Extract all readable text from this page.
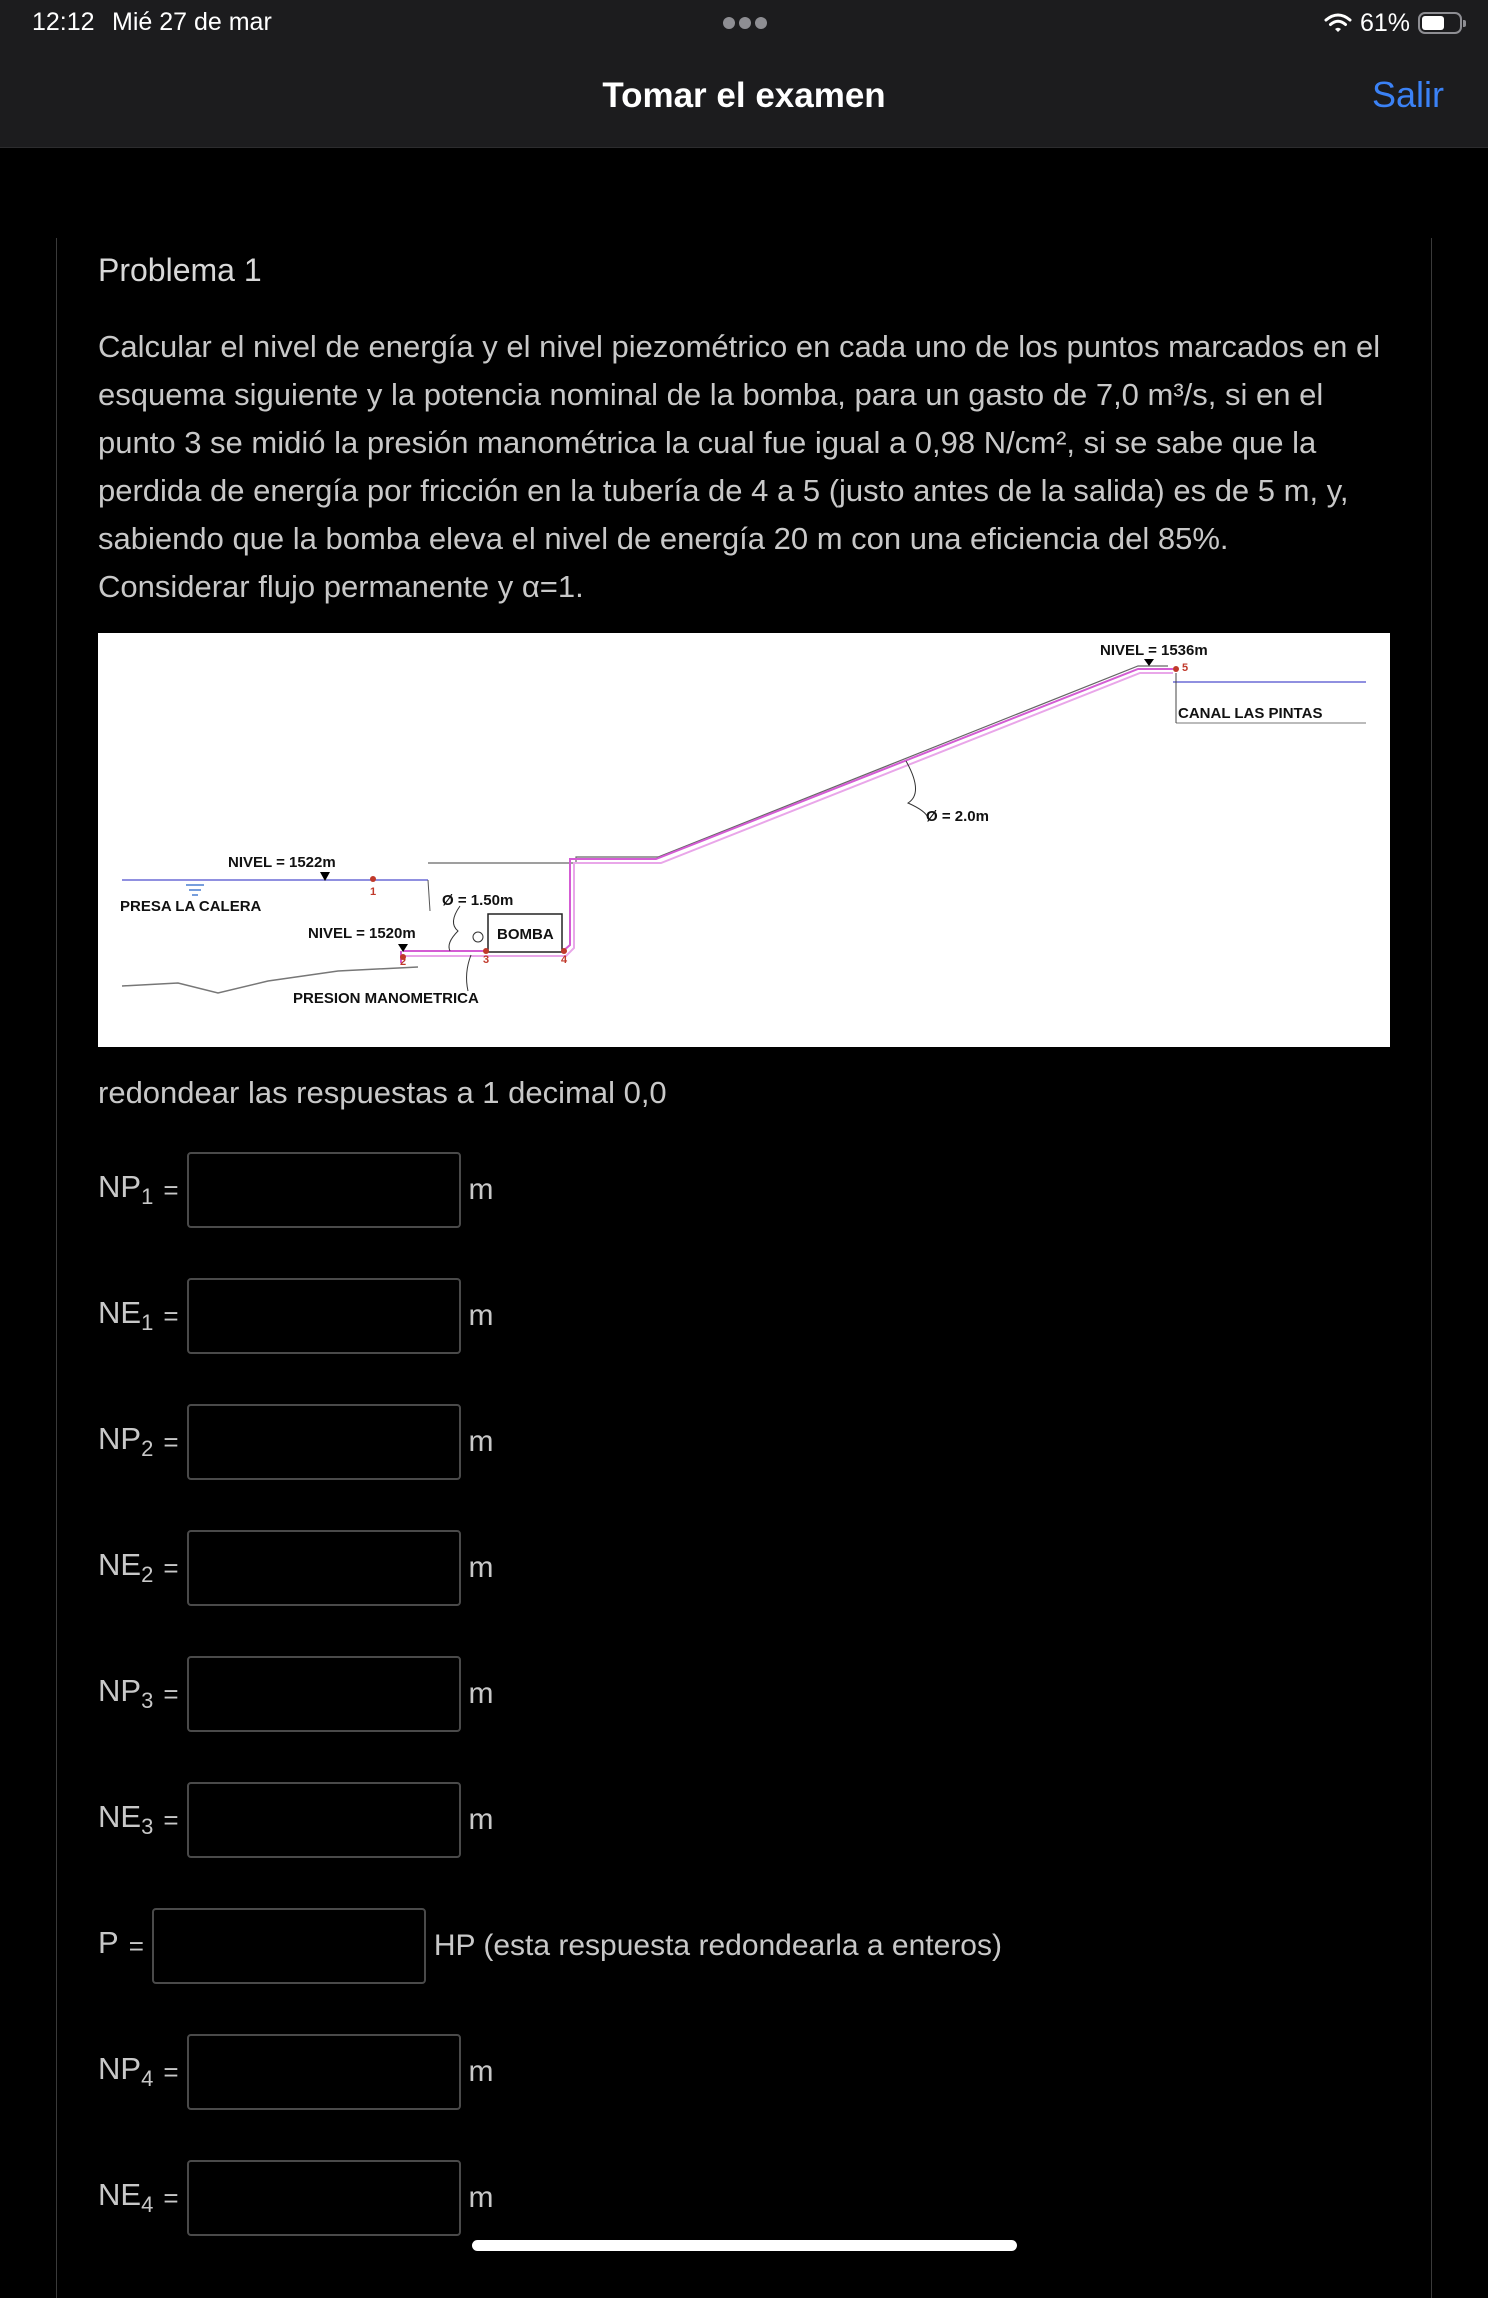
12:12 Mié 27 de mar	61%
Tomar el examen	Salir
Problema 1
Calcular el nivel de energía y el nivel piezométrico en cada uno de los puntos marcados en el esquema siguiente y la potencia nominal de la bomba, para un gasto de 7,0 m³/s, si en el punto 3 se midió la presión manométrica la cual fue igual a 0,98 N/cm², si se sabe que la perdida de energía por fricción en la tubería de 4 a 5 (justo antes de la salida) es de 5 m, y, sabiendo que la bomba eleva el nivel de energía 20 m con una eficiencia del 85%. Considerar flujo permanente y α=1.
NIVEL = 1536m
CANAL LAS PINTAS
Ø = 2.0m
NIVEL = 1522m
PRESA LA CALERA	Ø = 1.50m
NIVEL = 1520m	BOMBA
PRESION MANOMETRICA
1
2	3	4
5
redondear las respuestas a 1 decimal 0,0
$NP_1$ =	m
$NE_1$ =	m
$NP_2$ =	m
$NE_2$ =	m
$NP_3$ =	m
$NE_3$ =	m
P =	HP (esta respuesta redondearla a enteros)
$NP_4$ =	m
$NE_4$ =	m
